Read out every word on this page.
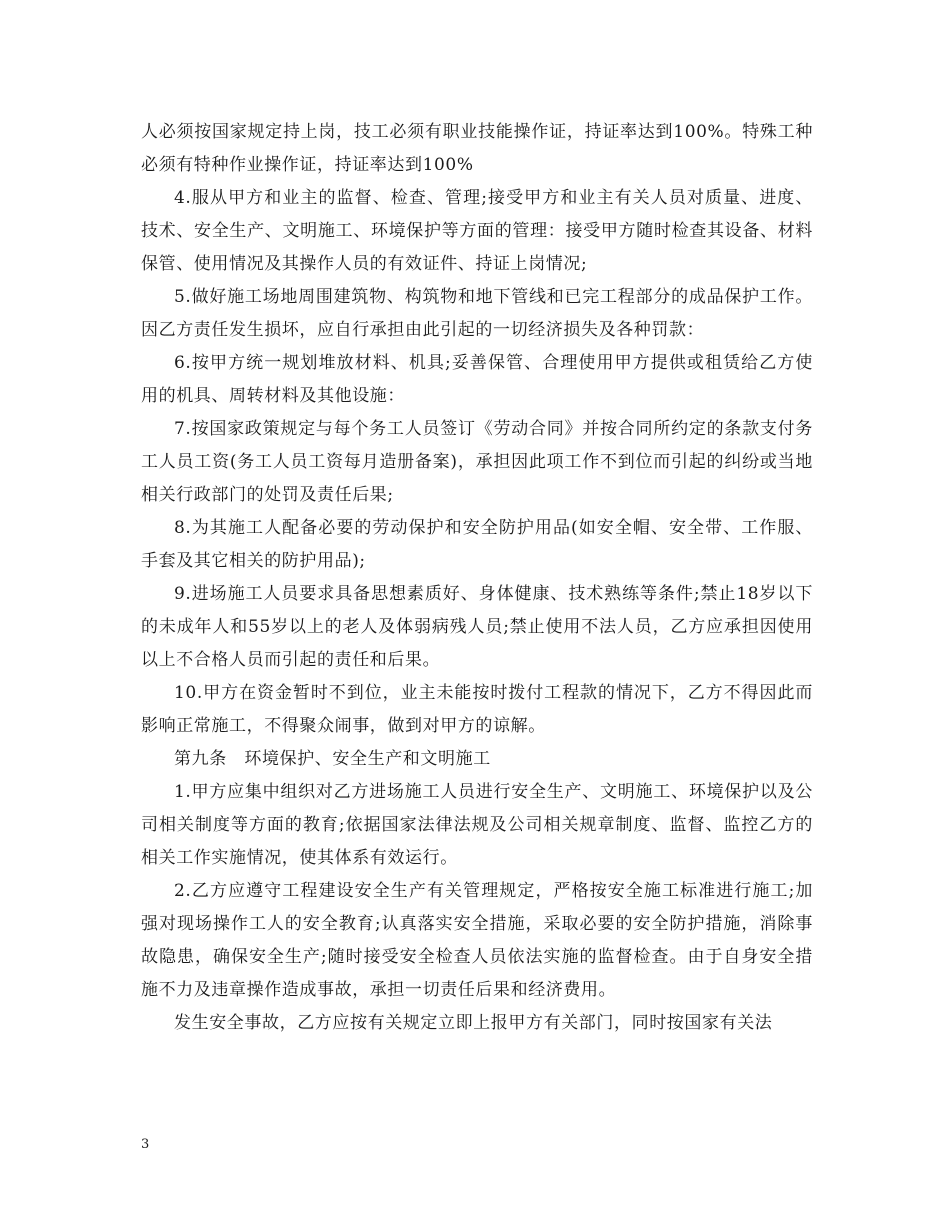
人必须按国家规定持上岗，技工必须有职业技能操作证，持证率达到100%。特殊工种必须有特种作业操作证，持证率达到100%

4.服从甲方和业主的监督、检查、管理;接受甲方和业主有关人员对质量、进度、技术、安全生产、文明施工、环境保护等方面的管理：接受甲方随时检查其设备、材料保管、使用情况及其操作人员的有效证件、持证上岗情况;

5.做好施工场地周围建筑物、构筑物和地下管线和已完工程部分的成品保护工作。因乙方责任发生损坏，应自行承担由此引起的一切经济损失及各种罚款：

6.按甲方统一规划堆放材料、机具;妥善保管、合理使用甲方提供或租赁给乙方使用的机具、周转材料及其他设施：

7.按国家政策规定与每个务工人员签订《劳动合同》并按合同所约定的条款支付务工人员工资(务工人员工资每月造册备案)，承担因此项工作不到位而引起的纠纷或当地相关行政部门的处罚及责任后果;

8.为其施工人配备必要的劳动保护和安全防护用品(如安全帽、安全带、工作服、手套及其它相关的防护用品);

9.进场施工人员要求具备思想素质好、身体健康、技术熟练等条件;禁止18岁以下的未成年人和55岁以上的老人及体弱病残人员;禁止使用不法人员，乙方应承担因使用以上不合格人员而引起的责任和后果。

10.甲方在资金暂时不到位，业主未能按时拨付工程款的情况下，乙方不得因此而影响正常施工，不得聚众闹事，做到对甲方的谅解。

第九条　环境保护、安全生产和文明施工

1.甲方应集中组织对乙方进场施工人员进行安全生产、文明施工、环境保护以及公司相关制度等方面的教育;依据国家法律法规及公司相关规章制度、监督、监控乙方的相关工作实施情况，使其体系有效运行。

2.乙方应遵守工程建设安全生产有关管理规定，严格按安全施工标准进行施工;加强对现场操作工人的安全教育;认真落实安全措施，采取必要的安全防护措施，消除事故隐患，确保安全生产;随时接受安全检查人员依法实施的监督检查。由于自身安全措施不力及违章操作造成事故，承担一切责任后果和经济费用。

发生安全事故，乙方应按有关规定立即上报甲方有关部门，同时按国家有关法

3
